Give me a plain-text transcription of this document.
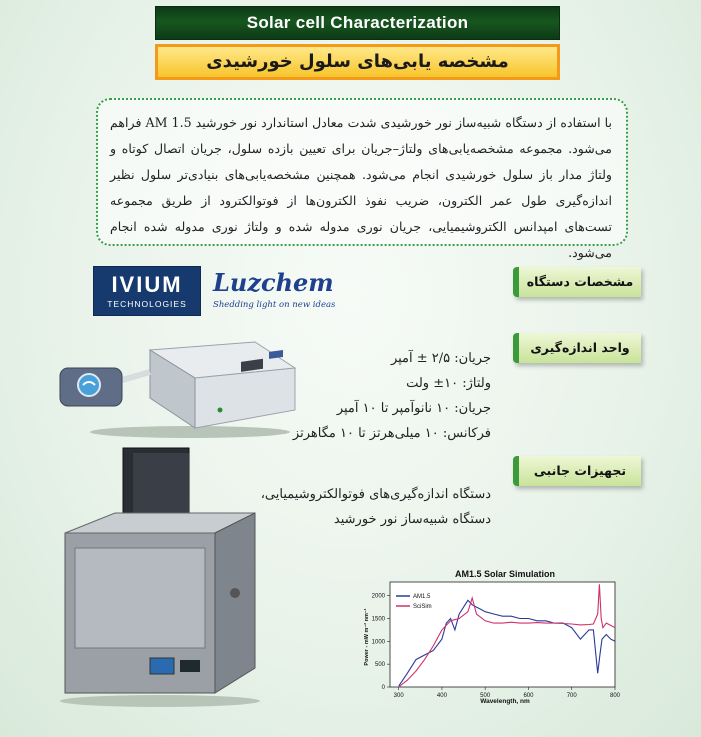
Solar cell Characterization
مشخصه یابی‌های سلول خورشیدی
با استفاده از دستگاه شبیه‌ساز نور خورشیدی شدت معادل استاندارد نور خورشید AM 1.5 فراهم می‌شود. مجموعه مشخصه‌یابی‌های ولتاژ–جریان برای تعیین بازده سلول، جریان اتصال کوتاه و ولتاژ مدار باز سلول خورشیدی انجام می‌شود. همچنین مشخصه‌یابی‌های بنیادی‌تر سلول نظیر اندازه‌گیری طول عمر الکترون، ضریب نفوذ الکترون‌ها از فوتوالکترود از طریق مجموعه تست‌های امپدانس الکتروشیمیایی، جریان نوری مدوله شده و ولتاژ نوری مدوله شده انجام می‌شود.
IVIUM
TECHNOLOGIES
Luzchem
Shedding light on new ideas
مشخصات دستگاه
واحد اندازه‌گیری
تجهیزات جانبی
جریان: ۲/۵ ± آمپر
ولتاژ: ۱۰± ولت
جریان: ۱۰ نانوآمپر تا ۱۰ آمپر
فرکانس: ۱۰ میلی‌هرتز تا ۱۰ مگاهرتز
دستگاه اندازه‌گیری‌های فوتوالکتروشیمیایی،
دستگاه شبیه‌ساز نور خورشید
AM1.5 Solar Simulation
300	400	500	600	700	800
0
500
1000
1500
2000	AM1.5
SciSim
Wavelength, nm
Power - mW m⁻² nm⁻¹
